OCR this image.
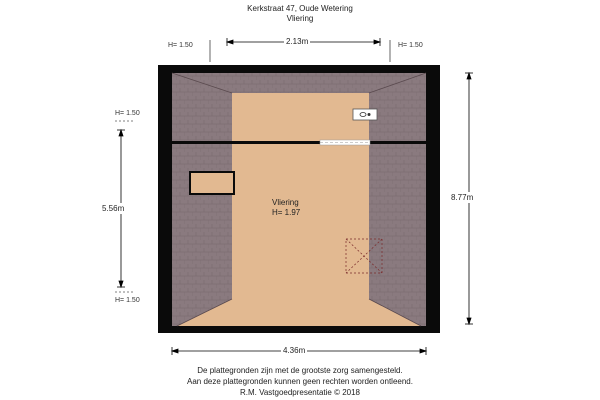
Kerkstraat 47, Oude Wetering
Vliering
2.13m
4.36m
5.56m
8.77m
H= 1.50	H= 1.50
H= 1.50
H= 1.50
Vliering
H= 1.97
De plattegronden zijn met de grootste zorg samengesteld.
Aan deze plattegronden kunnen geen rechten worden ontleend.
R.M. Vastgoedpresentatie © 2018
